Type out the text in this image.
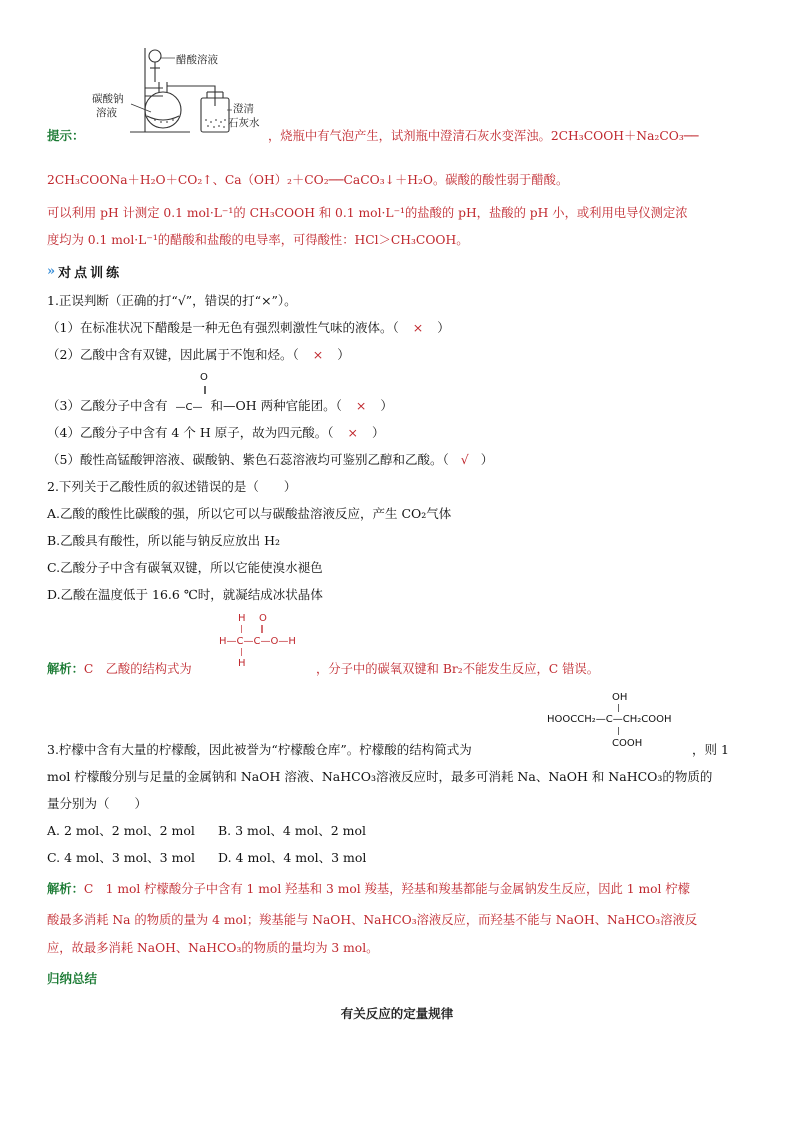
醋酸溶液
碳酸钠
溶液	澄清
石灰水
提示：	，烧瓶中有气泡产生，试剂瓶中澄清石灰水变浑浊。2CH₃COOH＋Na₂CO₃──
2CH₃COONa＋H₂O＋CO₂↑、Ca（OH）₂＋CO₂──CaCO₃↓＋H₂O。碳酸的酸性弱于醋酸。
可以利用 pH 计测定 0.1 mol·L⁻¹的 CH₃COOH 和 0.1 mol·L⁻¹的盐酸的 pH，盐酸的 pH 小，或利用电导仪测定浓
度均为 0.1 mol·L⁻¹的醋酸和盐酸的电导率，可得酸性：HCl＞CH₃COOH。
» 对点训练
1.正误判断（正确的打“√”，错误的打“×”）。
（1）在标准状况下醋酸是一种无色有强烈刺激性气味的液体。（ × ）
（2）乙酸中含有双键，因此属于不饱和烃。（ × ）
O
‖
（3）乙酸分子中含有 —C— 和—OH 两种官能团。（ × ）
（4）乙酸分子中含有 4 个 H 原子，故为四元酸。（ × ）
（5）酸性高锰酸钾溶液、碳酸钠、紫色石蕊溶液均可鉴别乙醇和乙酸。（ √ ）
2.下列关于乙酸性质的叙述错误的是（　　）
A.乙酸的酸性比碳酸的强，所以它可以与碳酸盐溶液反应，产生 CO₂气体
B.乙酸具有酸性，所以能与钠反应放出 H₂
C.乙酸分子中含有碳氧双键，所以它能使溴水褪色
D.乙酸在温度低于 16.6 ℃时，就凝结成冰状晶体
H O
| ‖
H—C—C—O—H
|
H
解析：C　乙酸的结构式为	，分子中的碳氧双键和 Br₂不能发生反应，C 错误。
OH
|
HOOCCH₂—C—CH₂COOH
|
COOH
3.柠檬中含有大量的柠檬酸，因此被誉为“柠檬酸仓库”。柠檬酸的结构简式为	，则 1
mol 柠檬酸分别与足量的金属钠和 NaOH 溶液、NaHCO₃溶液反应时，最多可消耗 Na、NaOH 和 NaHCO₃的物质的
量分别为（　　）
A. 2 mol、2 mol、2 mol B. 3 mol、4 mol、2 mol
C. 4 mol、3 mol、3 mol D. 4 mol、4 mol、3 mol
解析：C　1 mol 柠檬酸分子中含有 1 mol 羟基和 3 mol 羧基，羟基和羧基都能与金属钠发生反应，因此 1 mol 柠檬
酸最多消耗 Na 的物质的量为 4 mol；羧基能与 NaOH、NaHCO₃溶液反应，而羟基不能与 NaOH、NaHCO₃溶液反
应，故最多消耗 NaOH、NaHCO₃的物质的量均为 3 mol。
归纳总结
有关反应的定量规律
